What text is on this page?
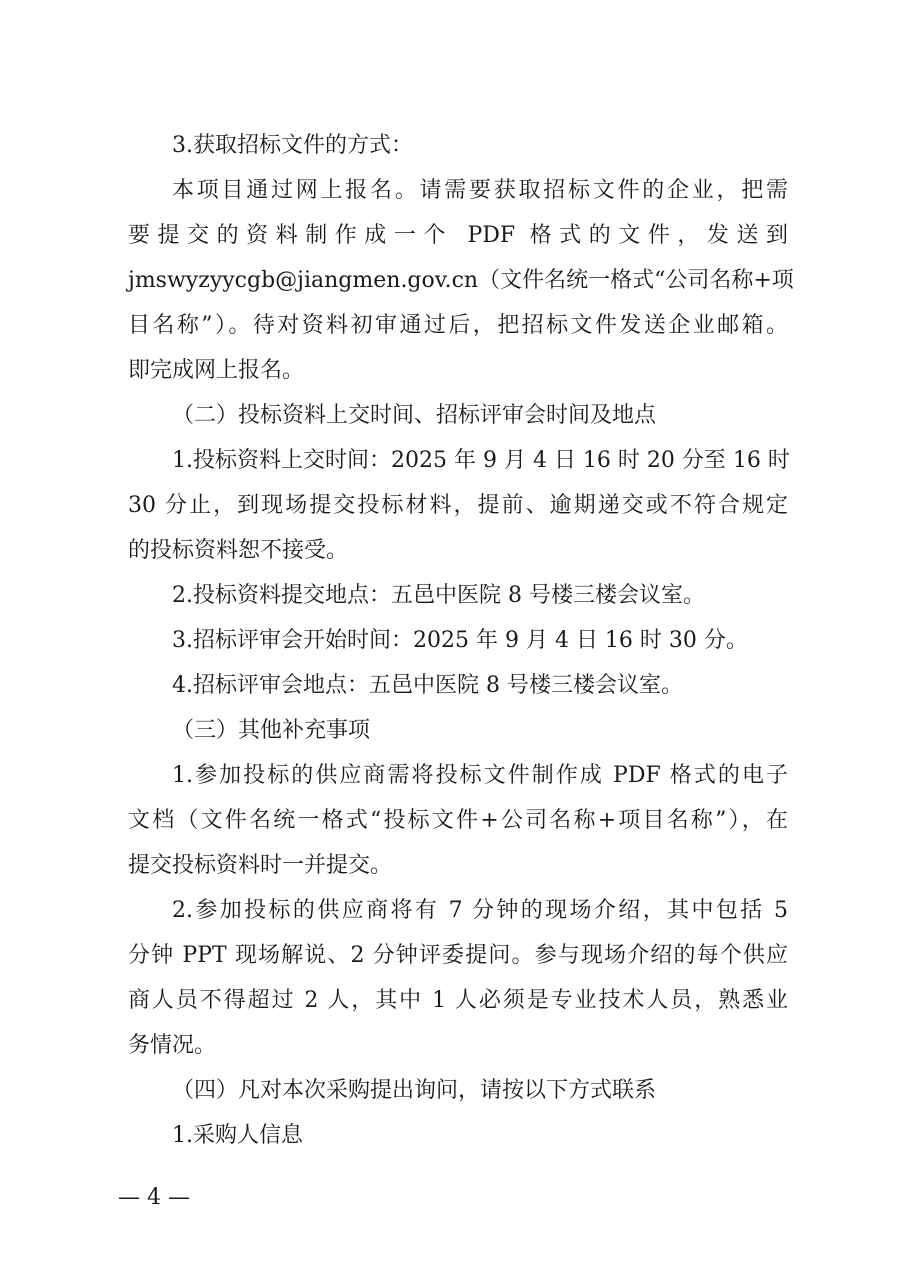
3.获取招标文件的方式：
本项目通过网上报名。请需要获取招标文件的企业，把需
要提交的资料制作成一个 PDF 格式的文件，发送到
jmswyzyycgb@jiangmen.gov.cn（文件名统一格式“公司名称+项
目名称”）。待对资料初审通过后，把招标文件发送企业邮箱。
即完成网上报名。
（二）投标资料上交时间、招标评审会时间及地点
1.投标资料上交时间：2025 年 9 月 4 日 16 时 20 分至 16 时
30 分止，到现场提交投标材料，提前、逾期递交或不符合规定
的投标资料恕不接受。
2.投标资料提交地点：五邑中医院 8 号楼三楼会议室。
3.招标评审会开始时间：2025 年 9 月 4 日 16 时 30 分。
4.招标评审会地点：五邑中医院 8 号楼三楼会议室。
（三）其他补充事项
1.参加投标的供应商需将投标文件制作成 PDF 格式的电子
文档（文件名统一格式“投标文件+公司名称+项目名称”），在
提交投标资料时一并提交。
2.参加投标的供应商将有 7 分钟的现场介绍，其中包括 5
分钟 PPT 现场解说、2 分钟评委提问。参与现场介绍的每个供应
商人员不得超过 2 人，其中 1 人必须是专业技术人员，熟悉业
务情况。
（四）凡对本次采购提出询问，请按以下方式联系
1.采购人信息
— 4 —
